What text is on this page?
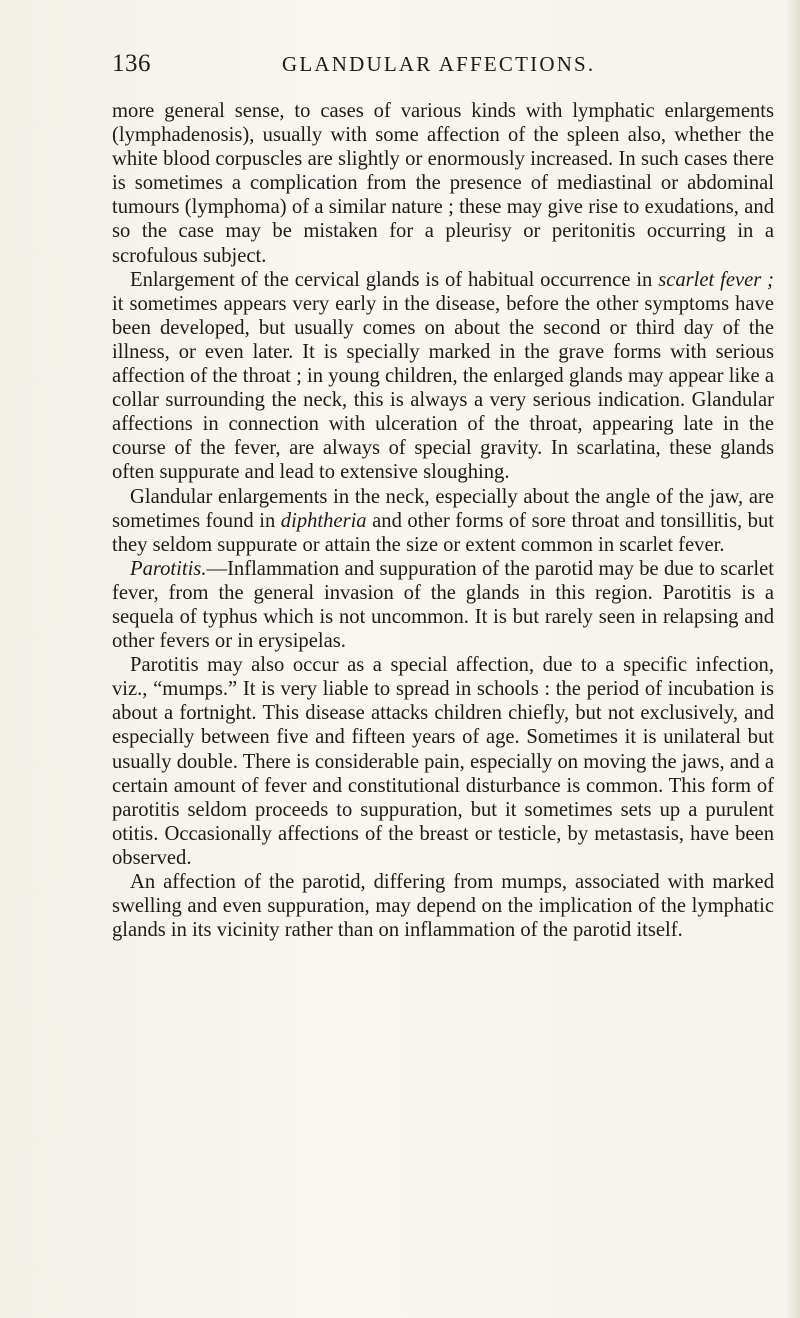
136	GLANDULAR AFFECTIONS.

more general sense, to cases of various kinds with lymphatic enlargements (lymphadenosis), usually with some affection of the spleen also, whether the white blood corpuscles are slightly or enormously increased. In such cases there is sometimes a complication from the presence of mediastinal or abdominal tumours (lymphoma) of a similar nature ; these may give rise to exudations, and so the case may be mistaken for a pleurisy or peritonitis occurring in a scrofulous subject.

Enlargement of the cervical glands is of habitual occurrence in scarlet fever ; it sometimes appears very early in the disease, before the other symptoms have been developed, but usually comes on about the second or third day of the illness, or even later. It is specially marked in the grave forms with serious affection of the throat ; in young children, the enlarged glands may appear like a collar surrounding the neck, this is always a very serious indication. Glandular affections in connection with ulceration of the throat, appearing late in the course of the fever, are always of special gravity. In scarlatina, these glands often suppurate and lead to extensive sloughing.

Glandular enlargements in the neck, especially about the angle of the jaw, are sometimes found in diphtheria and other forms of sore throat and tonsillitis, but they seldom suppurate or attain the size or extent common in scarlet fever.

Parotitis.—Inflammation and suppuration of the parotid may be due to scarlet fever, from the general invasion of the glands in this region. Parotitis is a sequela of typhus which is not uncommon. It is but rarely seen in relapsing and other fevers or in erysipelas.

Parotitis may also occur as a special affection, due to a specific infection, viz., “mumps.” It is very liable to spread in schools : the period of incubation is about a fortnight. This disease attacks children chiefly, but not exclusively, and especially between five and fifteen years of age. Sometimes it is unilateral but usually double. There is considerable pain, especially on moving the jaws, and a certain amount of fever and constitutional disturbance is common. This form of parotitis seldom proceeds to suppuration, but it sometimes sets up a purulent otitis. Occasionally affections of the breast or testicle, by metastasis, have been observed.

An affection of the parotid, differing from mumps, associated with marked swelling and even suppuration, may depend on the implication of the lymphatic glands in its vicinity rather than on inflammation of the parotid itself.
